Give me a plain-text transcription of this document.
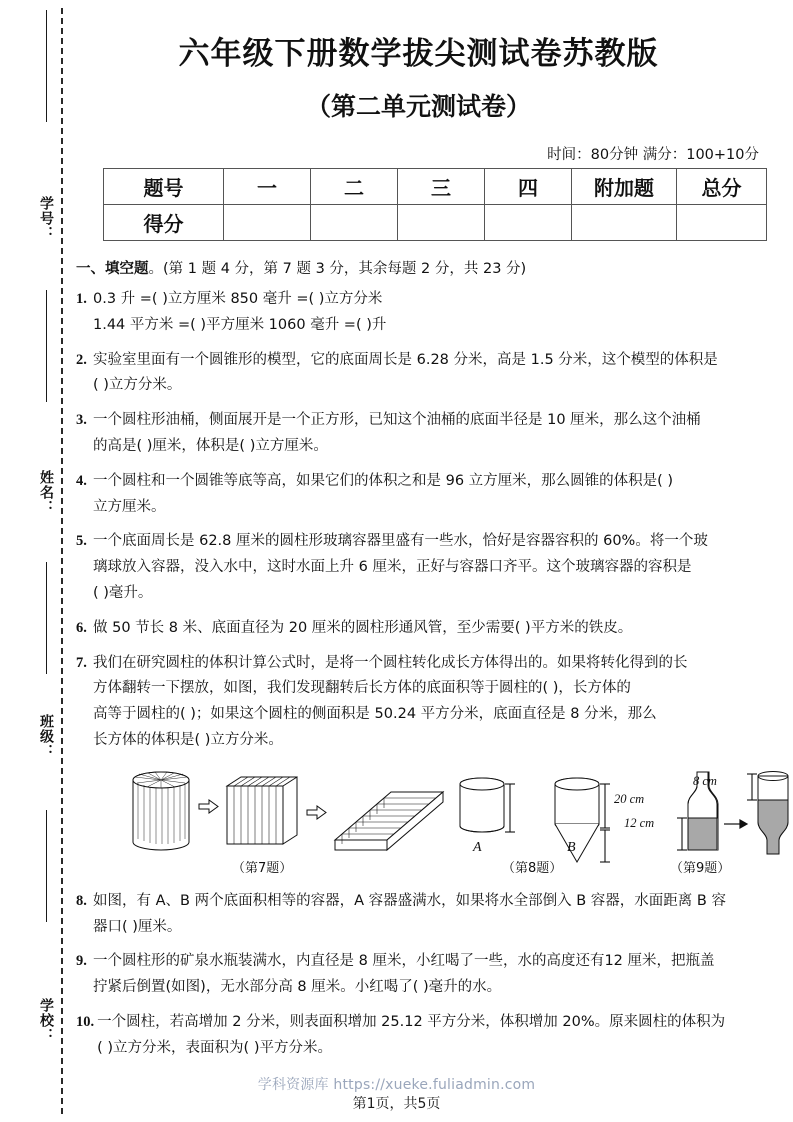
学号：
姓名：
班级：
学校：
六年级下册数学拔尖测试卷苏教版
（第二单元测试卷）
时间：80分钟 满分：100+10分
题号	一	二	三	四	附加题	总分
得分						
一、填空题。(第 1 题 4 分，第 7 题 3 分，其余每题 2 分，共 23 分)
1. 0.3 升 =( )立方厘米 850 毫升 =( )立方分米
1.44 平方米 =( )平方厘米 1060 毫升 =( )升
2. 实验室里面有一个圆锥形的模型，它的底面周长是 6.28 分米，高是 1.5 分米，这个模型的体积是
( )立方分米。
3. 一个圆柱形油桶，侧面展开是一个正方形，已知这个油桶的底面半径是 10 厘米，那么这个油桶
的高是( )厘米，体积是( )立方厘米。
4. 一个圆柱和一个圆锥等底等高，如果它们的体积之和是 96 立方厘米，那么圆锥的体积是( )
立方厘米。
5. 一个底面周长是 62.8 厘米的圆柱形玻璃容器里盛有一些水，恰好是容器容积的 60%。将一个玻
璃球放入容器，没入水中，这时水面上升 6 厘米，正好与容器口齐平。这个玻璃容器的容积是
( )毫升。
6. 做 50 节长 8 米、底面直径为 20 厘米的圆柱形通风管，至少需要( )平方米的铁皮。
7. 我们在研究圆柱的体积计算公式时，是将一个圆柱转化成长方体得出的。如果将转化得到的长
方体翻转一下摆放，如图，我们发现翻转后长方体的底面积等于圆柱的( )，长方体的
高等于圆柱的( )；如果这个圆柱的侧面积是 50.24 平方分米，底面直径是 8 分米，那么
长方体的体积是( )立方分米。
（第7题）
20 cm
A	B
（第8题）
8 cm
12 cm
（第9题）
8. 如图，有 A、B 两个底面积相等的容器，A 容器盛满水，如果将水全部倒入 B 容器，水面距离 B 容
器口( )厘米。
9. 一个圆柱形的矿泉水瓶装满水，内直径是 8 厘米，小红喝了一些，水的高度还有12 厘米，把瓶盖
拧紧后倒置(如图)，无水部分高 8 厘米。小红喝了( )毫升的水。
10. 一个圆柱，若高增加 2 分米，则表面积增加 25.12 平方分米，体积增加 20%。原来圆柱的体积为
( )立方分米，表面积为( )平方分米。
学科资源库 https://xueke.fuliadmin.com
第1页，共5页
